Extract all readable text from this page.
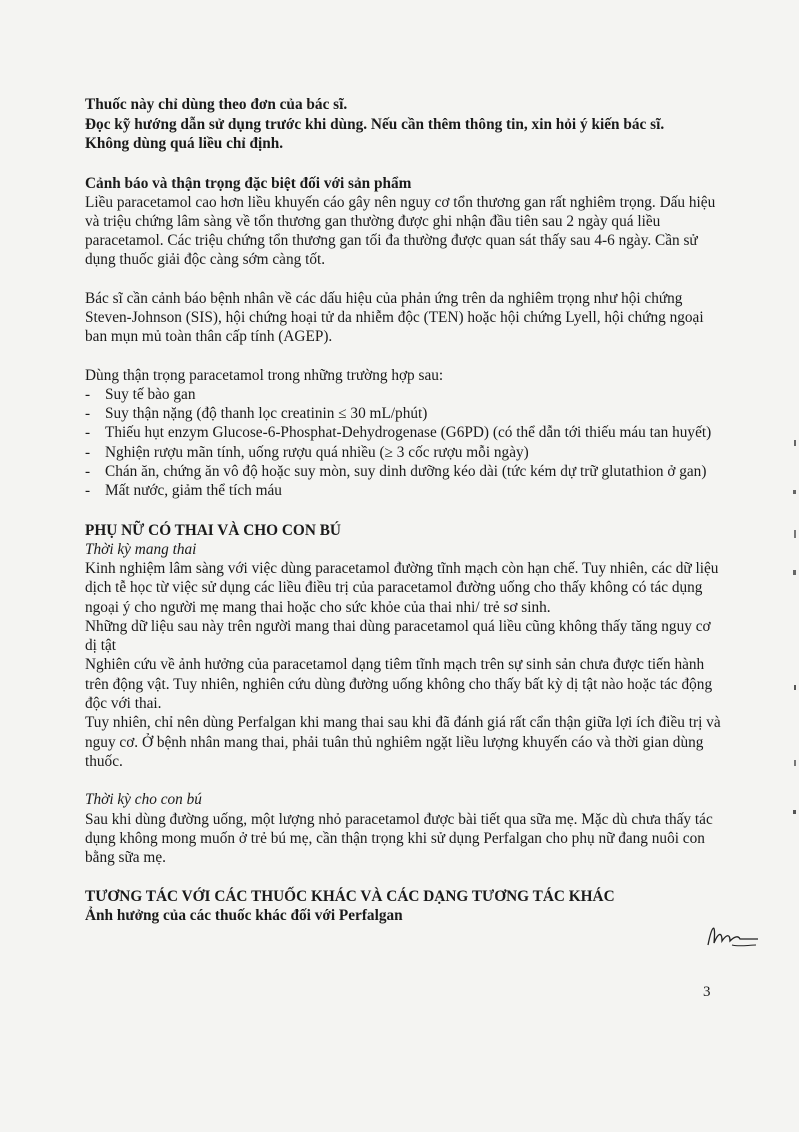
Thuốc này chỉ dùng theo đơn của bác sĩ.
Đọc kỹ hướng dẫn sử dụng trước khi dùng. Nếu cần thêm thông tin, xin hỏi ý kiến bác sĩ.
Không dùng quá liều chỉ định.
Cảnh báo và thận trọng đặc biệt đối với sản phẩm

Liều paracetamol cao hơn liều khuyến cáo gây nên nguy cơ tổn thương gan rất nghiêm trọng. Dấu hiệu và triệu chứng lâm sàng về tổn thương gan thường được ghi nhận đầu tiên sau 2 ngày quá liều paracetamol. Các triệu chứng tổn thương gan tối đa thường được quan sát thấy sau 4-6 ngày. Cần sử dụng thuốc giải độc càng sớm càng tốt.

Bác sĩ cần cảnh báo bệnh nhân về các dấu hiệu của phản ứng trên da nghiêm trọng như hội chứng Steven-Johnson (SIS), hội chứng hoại tử da nhiễm độc (TEN) hoặc hội chứng Lyell, hội chứng ngoại ban mụn mủ toàn thân cấp tính (AGEP).

Dùng thận trọng paracetamol trong những trường hợp sau:

- Suy tế bào gan
- Suy thận nặng (độ thanh lọc creatinin ≤ 30 mL/phút)
- Thiếu hụt enzym Glucose-6-Phosphat-Dehydrogenase (G6PD) (có thể dẫn tới thiếu máu tan huyết)
- Nghiện rượu mãn tính, uống rượu quá nhiều (≥ 3 cốc rượu mỗi ngày)
- Chán ăn, chứng ăn vô độ hoặc suy mòn, suy dinh dưỡng kéo dài (tức kém dự trữ glutathion ở gan)
- Mất nước, giảm thể tích máu
PHỤ NỮ CÓ THAI VÀ CHO CON BÚ
Thời kỳ mang thai

Kinh nghiệm lâm sàng với việc dùng paracetamol đường tĩnh mạch còn hạn chế. Tuy nhiên, các dữ liệu dịch tễ học từ việc sử dụng các liều điều trị của paracetamol đường uống cho thấy không có tác dụng ngoại ý cho người mẹ mang thai hoặc cho sức khỏe của thai nhi/ trẻ sơ sinh.

Những dữ liệu sau này trên người mang thai dùng paracetamol quá liều cũng không thấy tăng nguy cơ dị tật

Nghiên cứu về ảnh hưởng của paracetamol dạng tiêm tĩnh mạch trên sự sinh sản chưa được tiến hành trên động vật. Tuy nhiên, nghiên cứu dùng đường uống không cho thấy bất kỳ dị tật nào hoặc tác động độc với thai.

Tuy nhiên, chỉ nên dùng Perfalgan khi mang thai sau khi đã đánh giá rất cẩn thận giữa lợi ích điều trị và nguy cơ. Ở bệnh nhân mang thai, phải tuân thủ nghiêm ngặt liều lượng khuyến cáo và thời gian dùng thuốc.

Thời kỳ cho con bú

Sau khi dùng đường uống, một lượng nhỏ paracetamol được bài tiết qua sữa mẹ. Mặc dù chưa thấy tác dụng không mong muốn ở trẻ bú mẹ, cần thận trọng khi sử dụng Perfalgan cho phụ nữ đang nuôi con bằng sữa mẹ.

TƯƠNG TÁC VỚI CÁC THUỐC KHÁC VÀ CÁC DẠNG TƯƠNG TÁC KHÁC
Ảnh hưởng của các thuốc khác đối với Perfalgan
3
